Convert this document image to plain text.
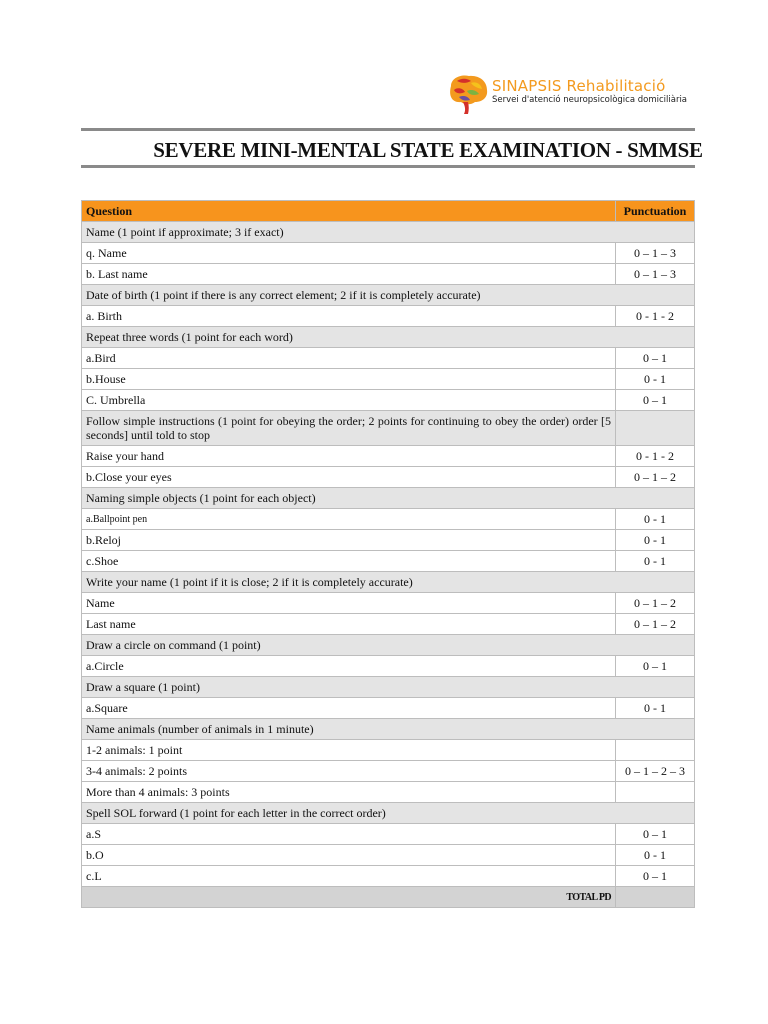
SINAPSIS Rehabilitació
Servei d'atenció neuropsicològica domiciliària
SEVERE MINI-MENTAL STATE EXAMINATION - SMMSE
Question	Punctuation
Name (1 point if approximate; 3 if exact)	
q. Name	0 – 1 – 3
b. Last name	0 – 1 – 3
Date of birth (1 point if there is any correct element; 2 if it is completely accurate)	
a. Birth	0 - 1 - 2
Repeat three words (1 point for each word)	
a.Bird	0 – 1
b.House	0 - 1
C. Umbrella	0 – 1
Follow simple instructions (1 point for obeying the order; 2 points for continuing to obey the order) order [5 seconds] until told to stop	
Raise your hand	0 - 1 - 2
b.Close your eyes	0 – 1 – 2
Naming simple objects (1 point for each object)	
a.Ballpoint pen	0 - 1
b.Reloj	0 - 1
c.Shoe	0 - 1
Write your name (1 point if it is close; 2 if it is completely accurate)	
Name	0 – 1 – 2
Last name	0 – 1 – 2
Draw a circle on command (1 point)	
a.Circle	0 – 1
Draw a square (1 point)	
a.Square	0 - 1
Name animals (number of animals in 1 minute)	
1-2 animals: 1 point	
3-4 animals: 2 points	0 – 1 – 2 – 3
More than 4 animals: 3 points	
Spell SOL forward (1 point for each letter in the correct order)	
a.S	0 – 1
b.O	0 - 1
c.L	0 – 1
TOTAL PD	
